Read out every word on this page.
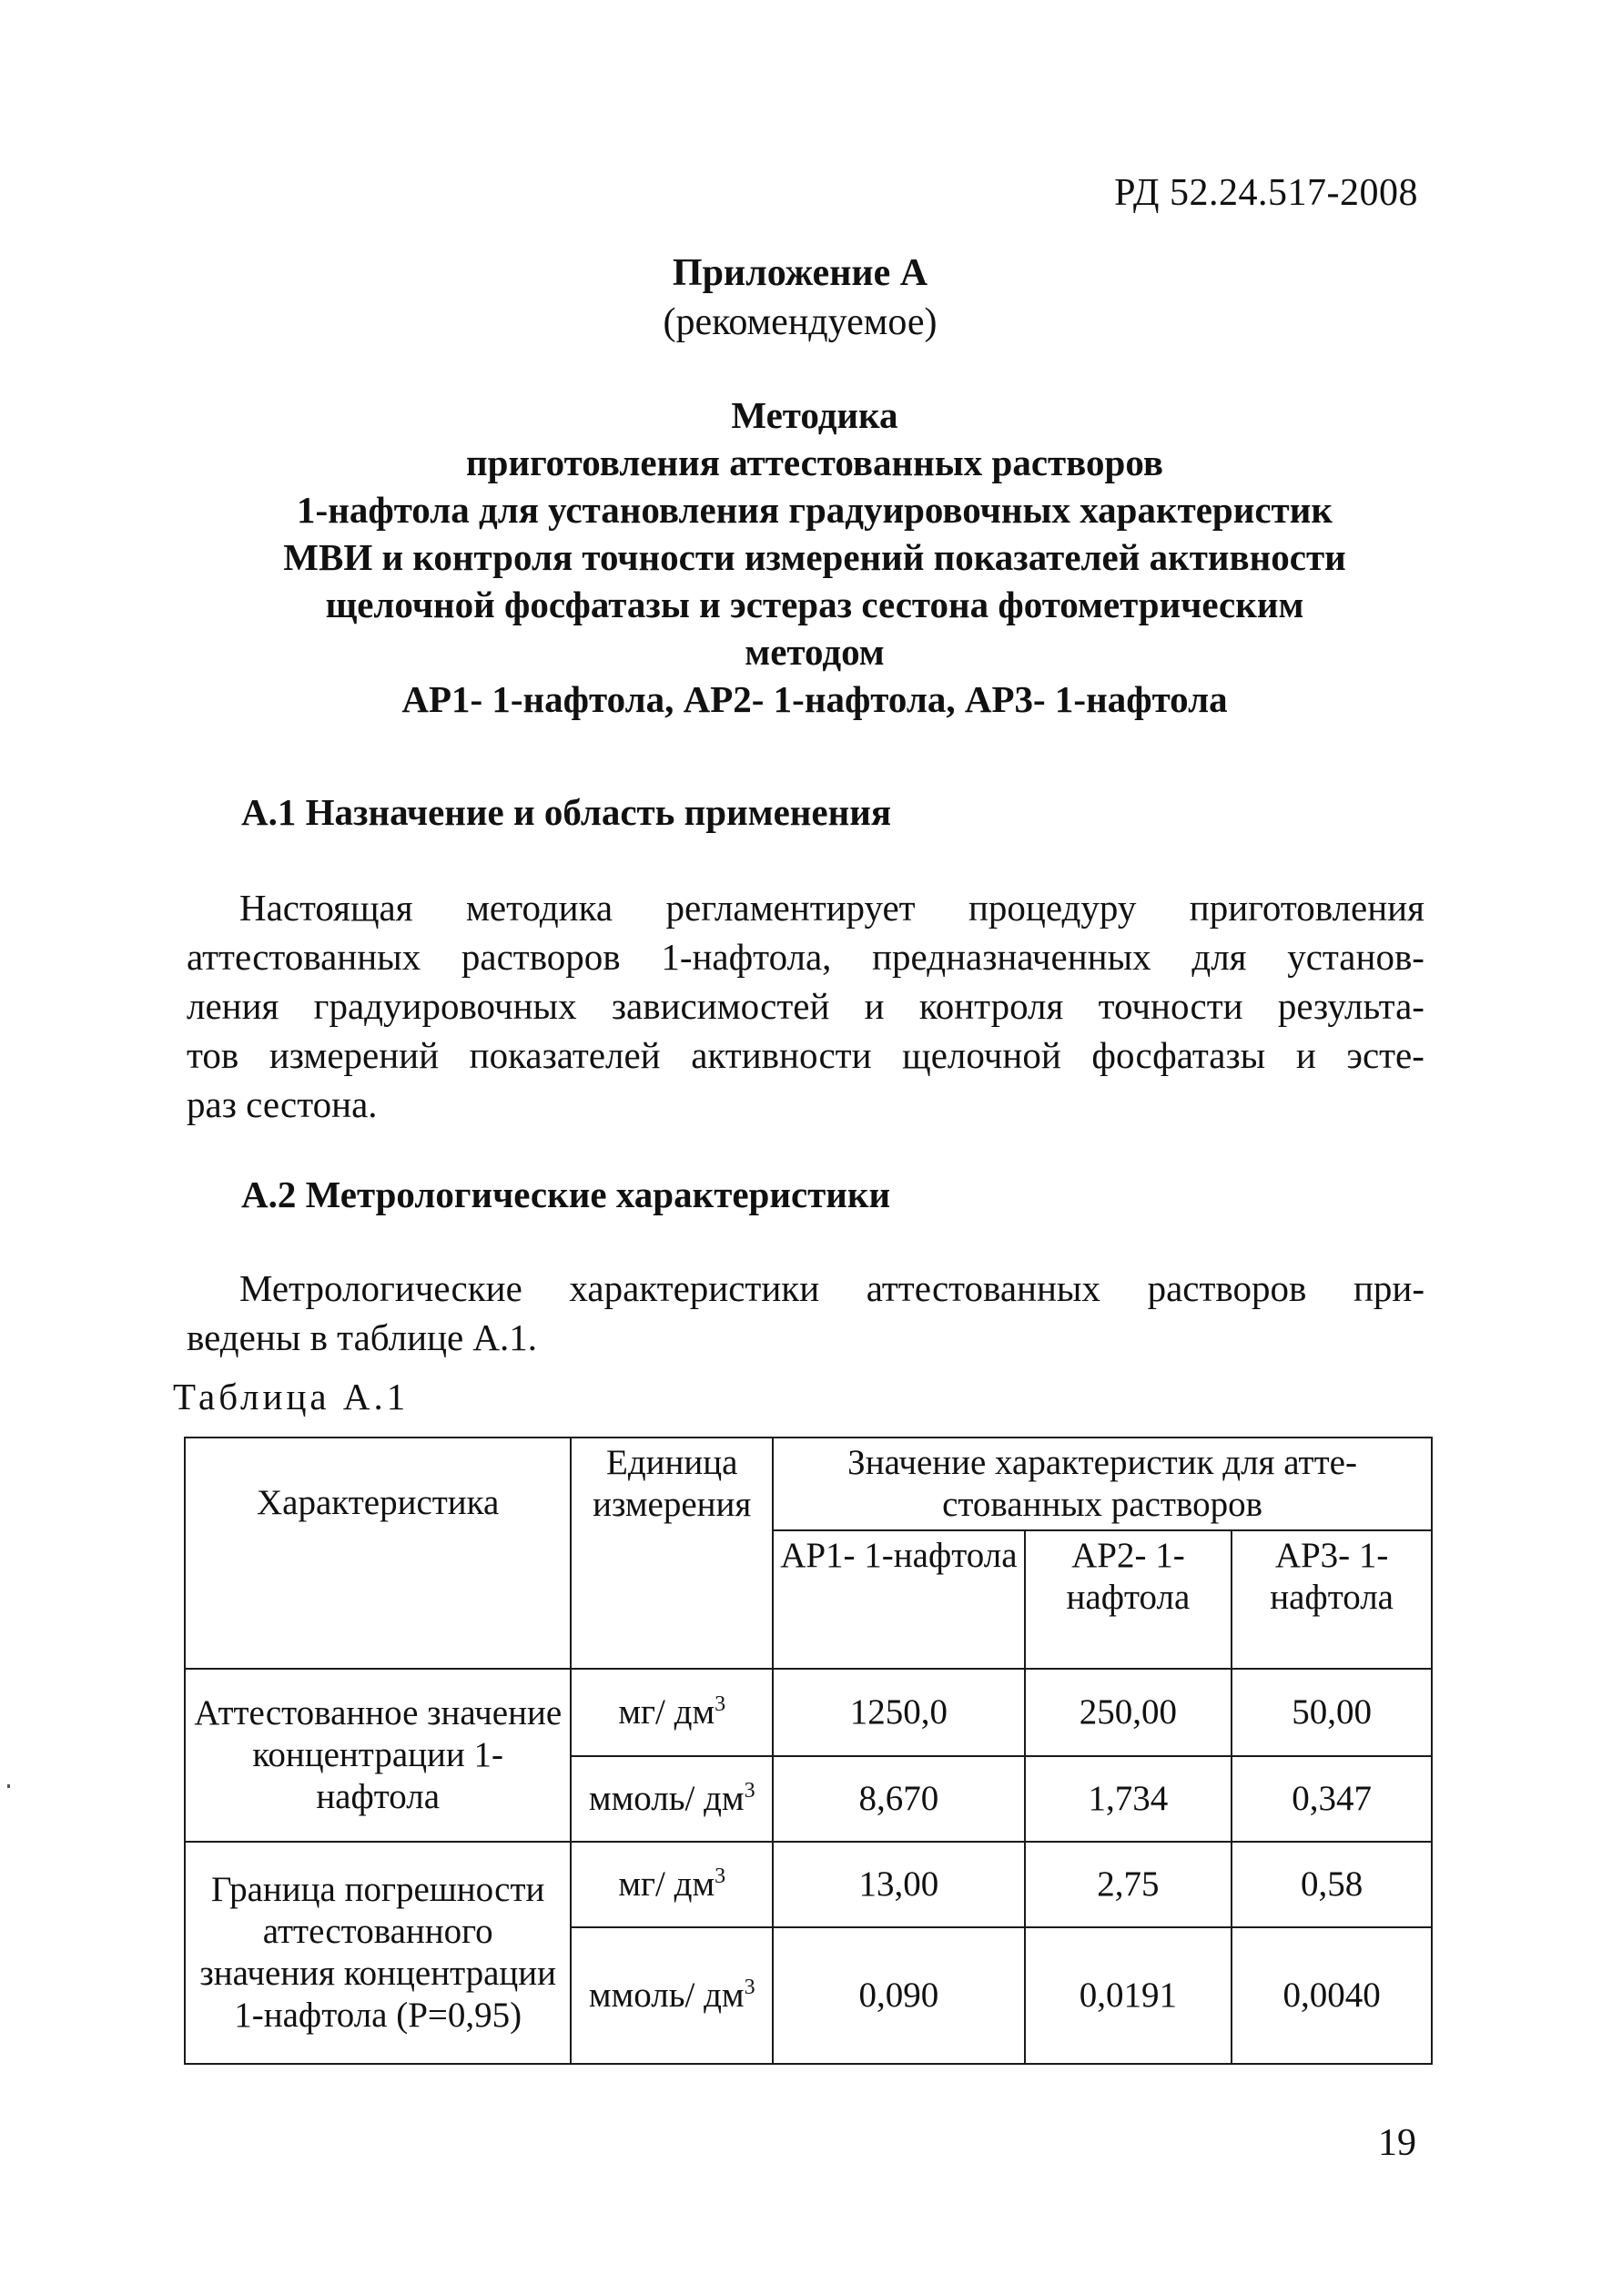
РД 52.24.517-2008
Приложение А
(рекомендуемое)
Методика
приготовления аттестованных растворов
1-нафтола для установления градуировочных характеристик
МВИ и контроля точности измерений показателей активности
щелочной фосфатазы и эстераз сестона фотометрическим
методом
АР1- 1-нафтола, АР2- 1-нафтола, АР3- 1-нафтола
А.1 Назначение и область применения
Настоящая методика регламентирует процедуру приготовления
аттестованных растворов 1-нафтола, предназначенных для установ-
ления градуировочных зависимостей и контроля точности результа-
тов измерений показателей активности щелочной фосфатазы и эсте-
раз сестона.
А.2 Метрологические характеристики
Метрологические характеристики аттестованных растворов при-
ведены в таблице А.1.
Таблица А.1
Характеристика	Единица измерения	Значение характеристик для аттестованных растворов		
		АР1- 1-нафтола	АР2- 1-нафтола	АР3- 1- нафтола
Аттестованное значение концентрации 1-нафтола	мг/ $дм^3$	1250,0	250,00	50,00
	ммоль/ $дм^3$	8,670	1,734	0,347
Граница погрешности аттестованного значения концентрации 1-нафтола (Р=0,95)	мг/ $дм^3$	13,00	2,75	0,58
	ммоль/ $дм^3$	0,090	0,0191	0,0040
19
